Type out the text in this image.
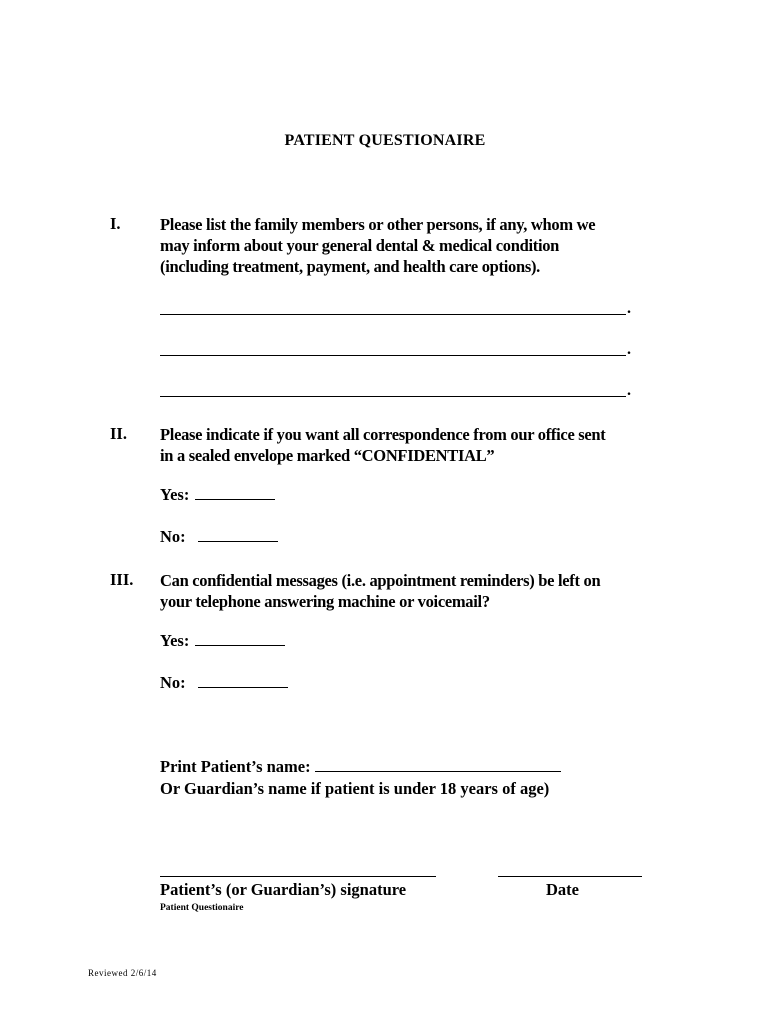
PATIENT QUESTIONAIRE
I. Please list the family members or other persons, if any, whom we
may inform about your general dental & medical condition
(including treatment, payment, and health care options).
.
.
.
II. Please indicate if you want all correspondence from our office sent
in a sealed envelope marked “CONFIDENTIAL”
Yes:
No:
III. Can confidential messages (i.e. appointment reminders) be left on
your telephone answering machine or voicemail?
Yes:
No:
Print Patient’s name:
Or Guardian’s name if patient is under 18 years of age)
Patient’s (or Guardian’s) signature	Date
Patient Questionaire
Reviewed 2/6/14
